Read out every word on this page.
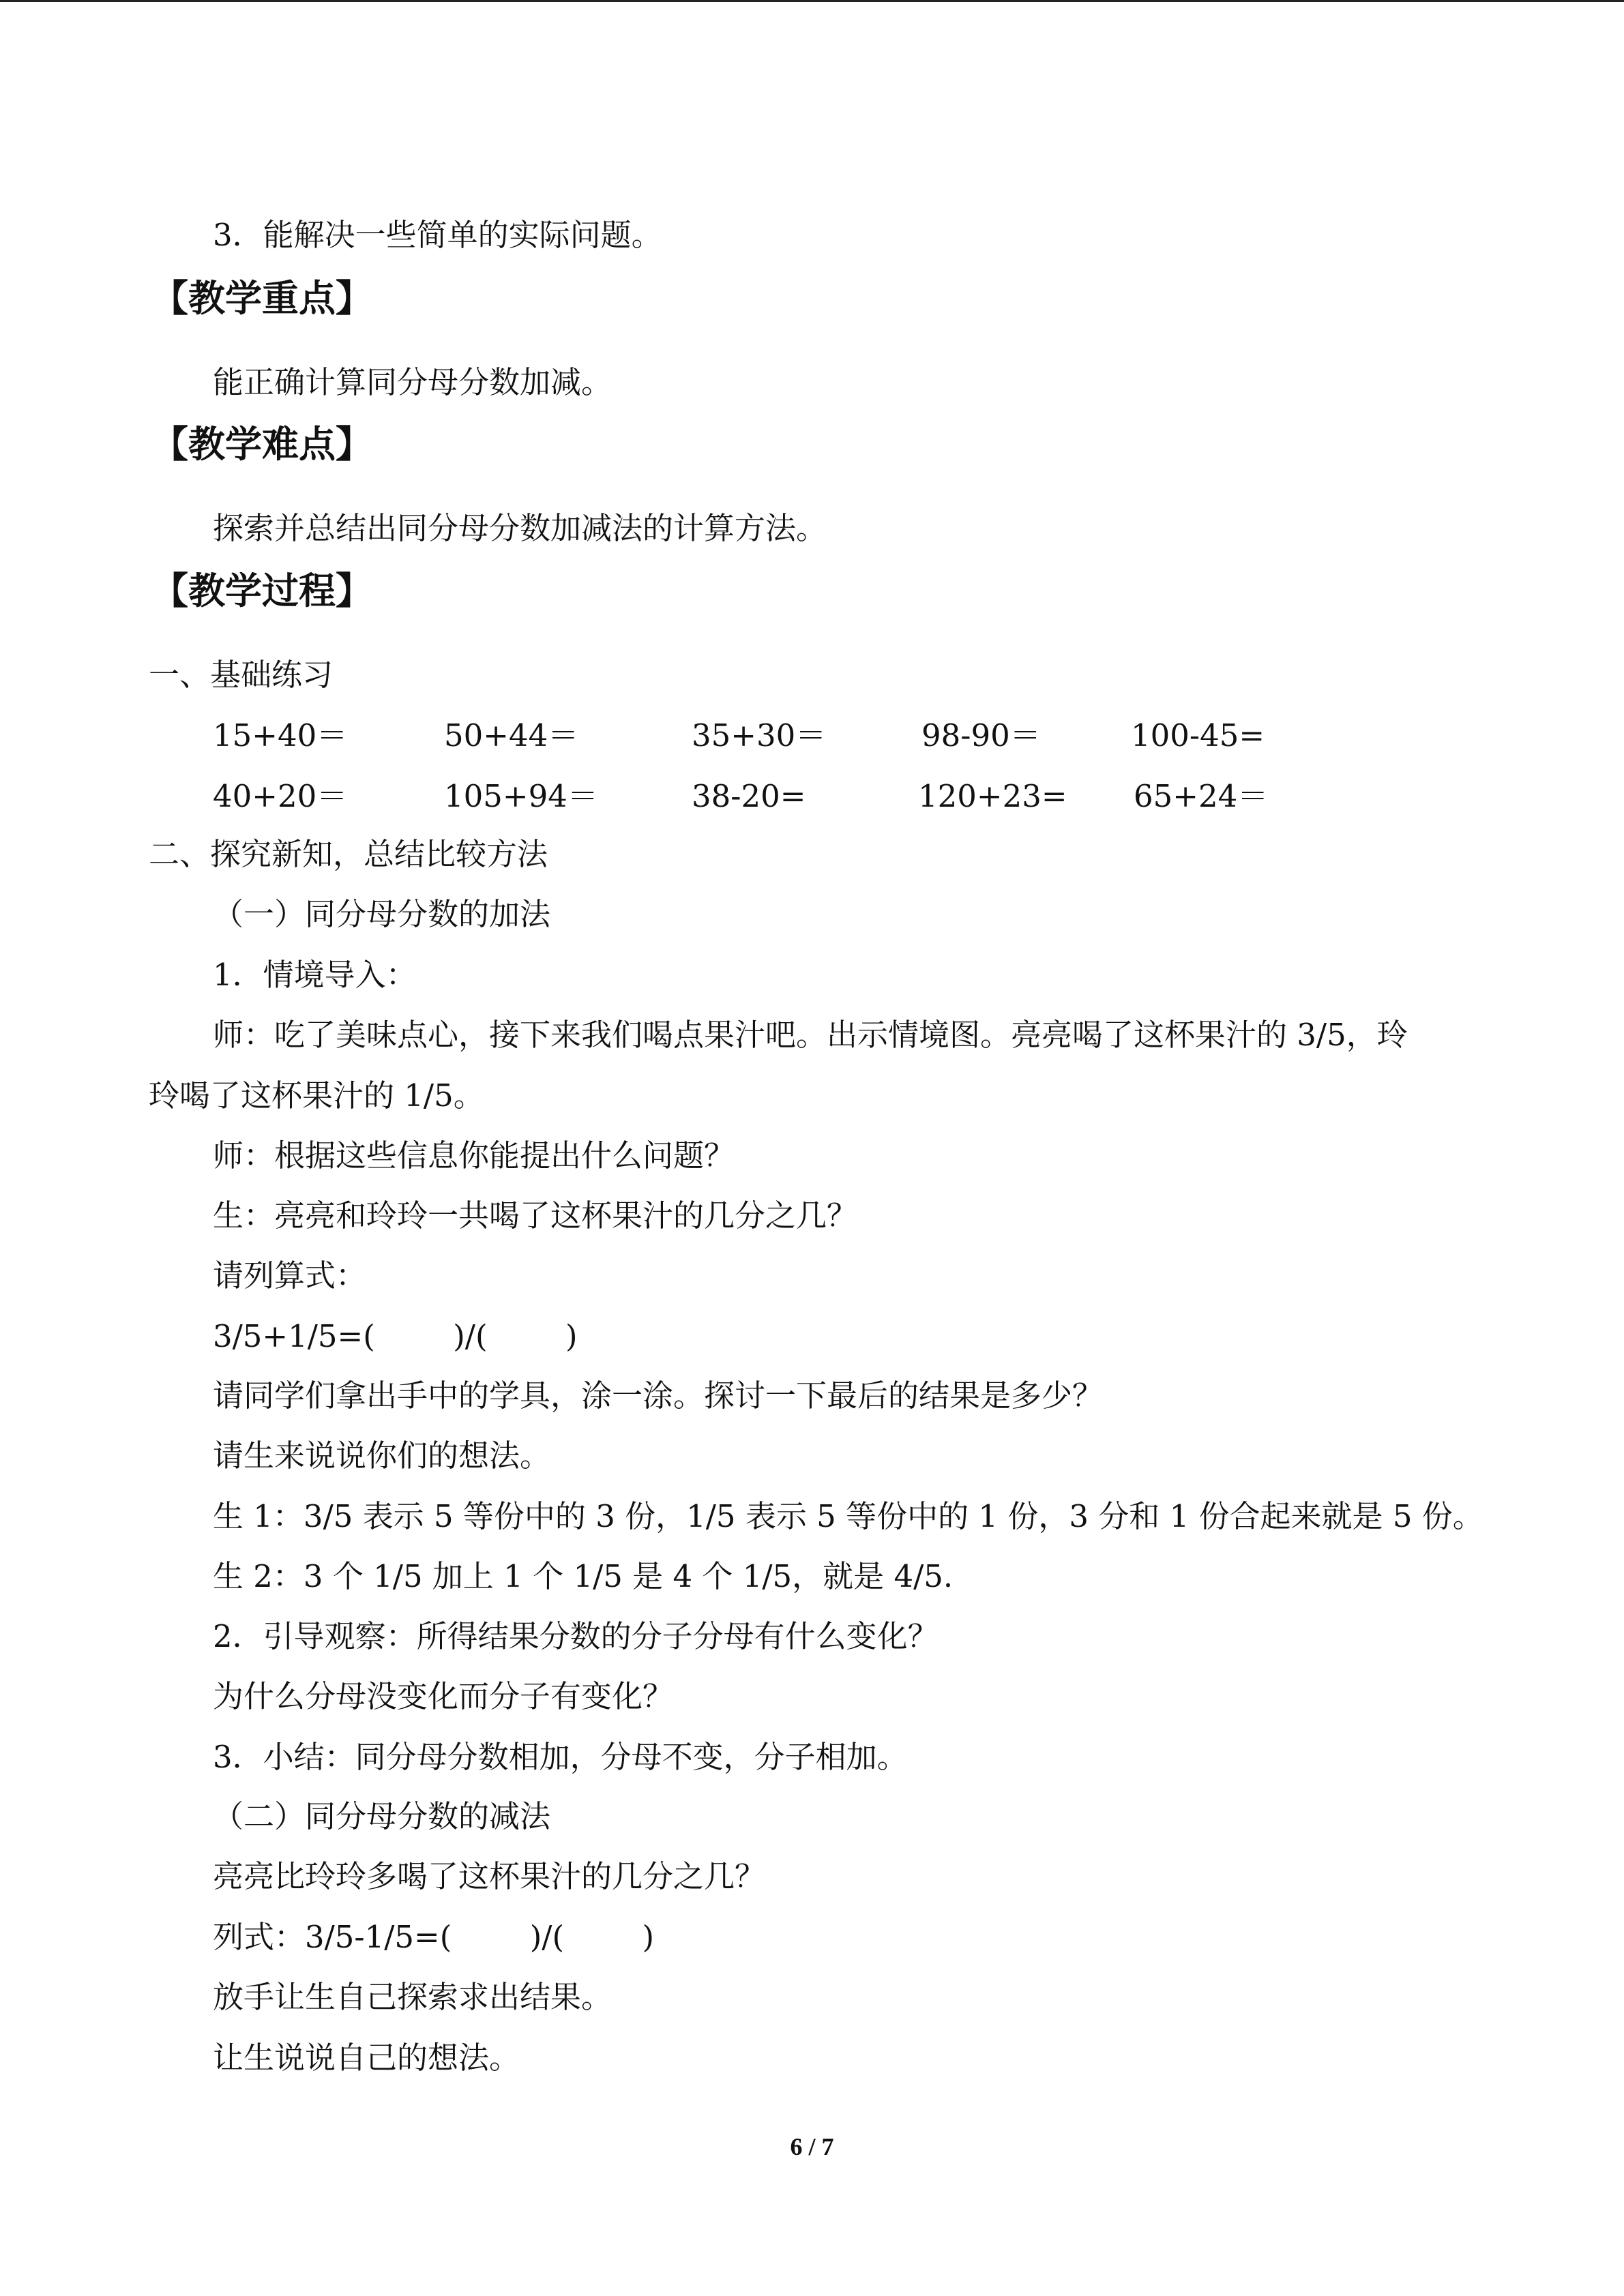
3．能解决一些简单的实际问题。
【教学重点】
能正确计算同分母分数加减。
【教学难点】
探索并总结出同分母分数加减法的计算方法。
【教学过程】
一、基础练习
15+40＝	50+44＝	35+30＝	98-90＝	100-45=
40+20＝	105+94＝	38-20=	120+23= 65+24＝
二、探究新知，总结比较方法
（一）同分母分数的加法
1．情境导入：
师：吃了美味点心，接下来我们喝点果汁吧。出示情境图。亮亮喝了这杯果汁的 3/5，玲
玲喝了这杯果汁的 1/5。
师：根据这些信息你能提出什么问题？
生：亮亮和玲玲一共喝了这杯果汁的几分之几？
请列算式：
3/5+1/5=(        )/(        )
请同学们拿出手中的学具，涂一涂。探讨一下最后的结果是多少？
请生来说说你们的想法。
生 1：3/5 表示 5 等份中的 3 份，1/5 表示 5 等份中的 1 份，3 分和 1 份合起来就是 5 份。
生 2：3 个 1/5 加上 1 个 1/5 是 4 个 1/5，就是 4/5.
2．引导观察：所得结果分数的分子分母有什么变化？
为什么分母没变化而分子有变化？
3．小结：同分母分数相加，分母不变，分子相加。
（二）同分母分数的减法
亮亮比玲玲多喝了这杯果汁的几分之几？
列式：3/5-1/5=(        )/(        )
放手让生自己探索求出结果。
让生说说自己的想法。
6 / 7
